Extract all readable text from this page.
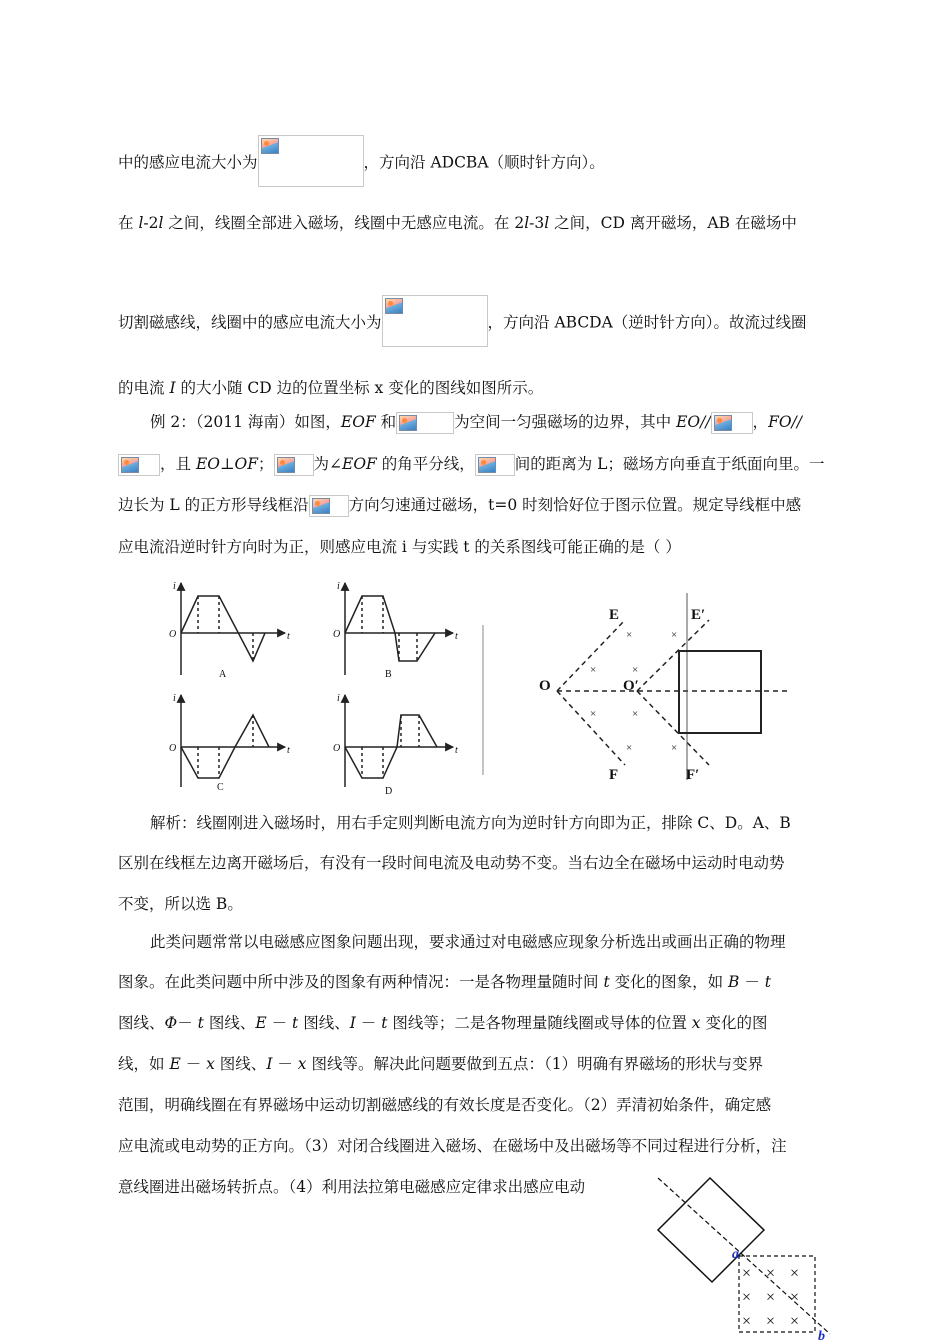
中的感应电流大小为	，方向沿 ADCBA（顺时针方向）。
在 l-2l 之间，线圈全部进入磁场，线圈中无感应电流。在 2l-3l 之间，CD 离开磁场，AB 在磁场中
切割磁感线，线圈中的感应电流大小为	，方向沿 ABCDA（逆时针方向）。故流过线圈
的电流 I 的大小随 CD 边的位置坐标 x 变化的图线如图所示。
例 2：（2011 海南）如图，EOF 和	为空间一匀强磁场的边界，其中 EO//	，FO//
，且 EO⊥OF；	为∠EOF 的角平分线，	间的距离为 L；磁场方向垂直于纸面向里。一
边长为 L 的正方形导线框沿	方向匀速通过磁场，t=0 时刻恰好位于图示位置。规定导线框中感
应电流沿逆时针方向时为正，则感应电流 i 与实践 t 的关系图线可能正确的是（ ）
i
t
O
i
t
O
i
t
O
i
t
O
A	B
C	D
E	E′
O	O′
F	F′
×	×
×	×
×	×
×	×
解析：线圈刚进入磁场时，用右手定则判断电流方向为逆时针方向即为正，排除 C、D。A、B
区别在线框左边离开磁场后，有没有一段时间电流及电动势不变。当右边全在磁场中运动时电动势
不变，所以选 B。
此类问题常常以电磁感应图象问题出现，要求通过对电磁感应现象分析选出或画出正确的物理
图象。在此类问题中所中涉及的图象有两种情况：一是各物理量随时间 t 变化的图象，如 B － t
图线、Φ－ t 图线、E － t 图线、I － t 图线等；二是各物理量随线圈或导体的位置 x 变化的图
线，如 E － x 图线、I － x 图线等。解决此问题要做到五点：（1）明确有界磁场的形状与变界
范围，明确线圈在有界磁场中运动切割磁感线的有效长度是否变化。（2）弄清初始条件，确定感
应电流或电动势的正方向。（3）对闭合线圈进入磁场、在磁场中及出磁场等不同过程进行分析，注
意线圈进出磁场转折点。（4）利用法拉第电磁感应定律求出感应电动
× × ×
× × ×
× × ×
a
b
